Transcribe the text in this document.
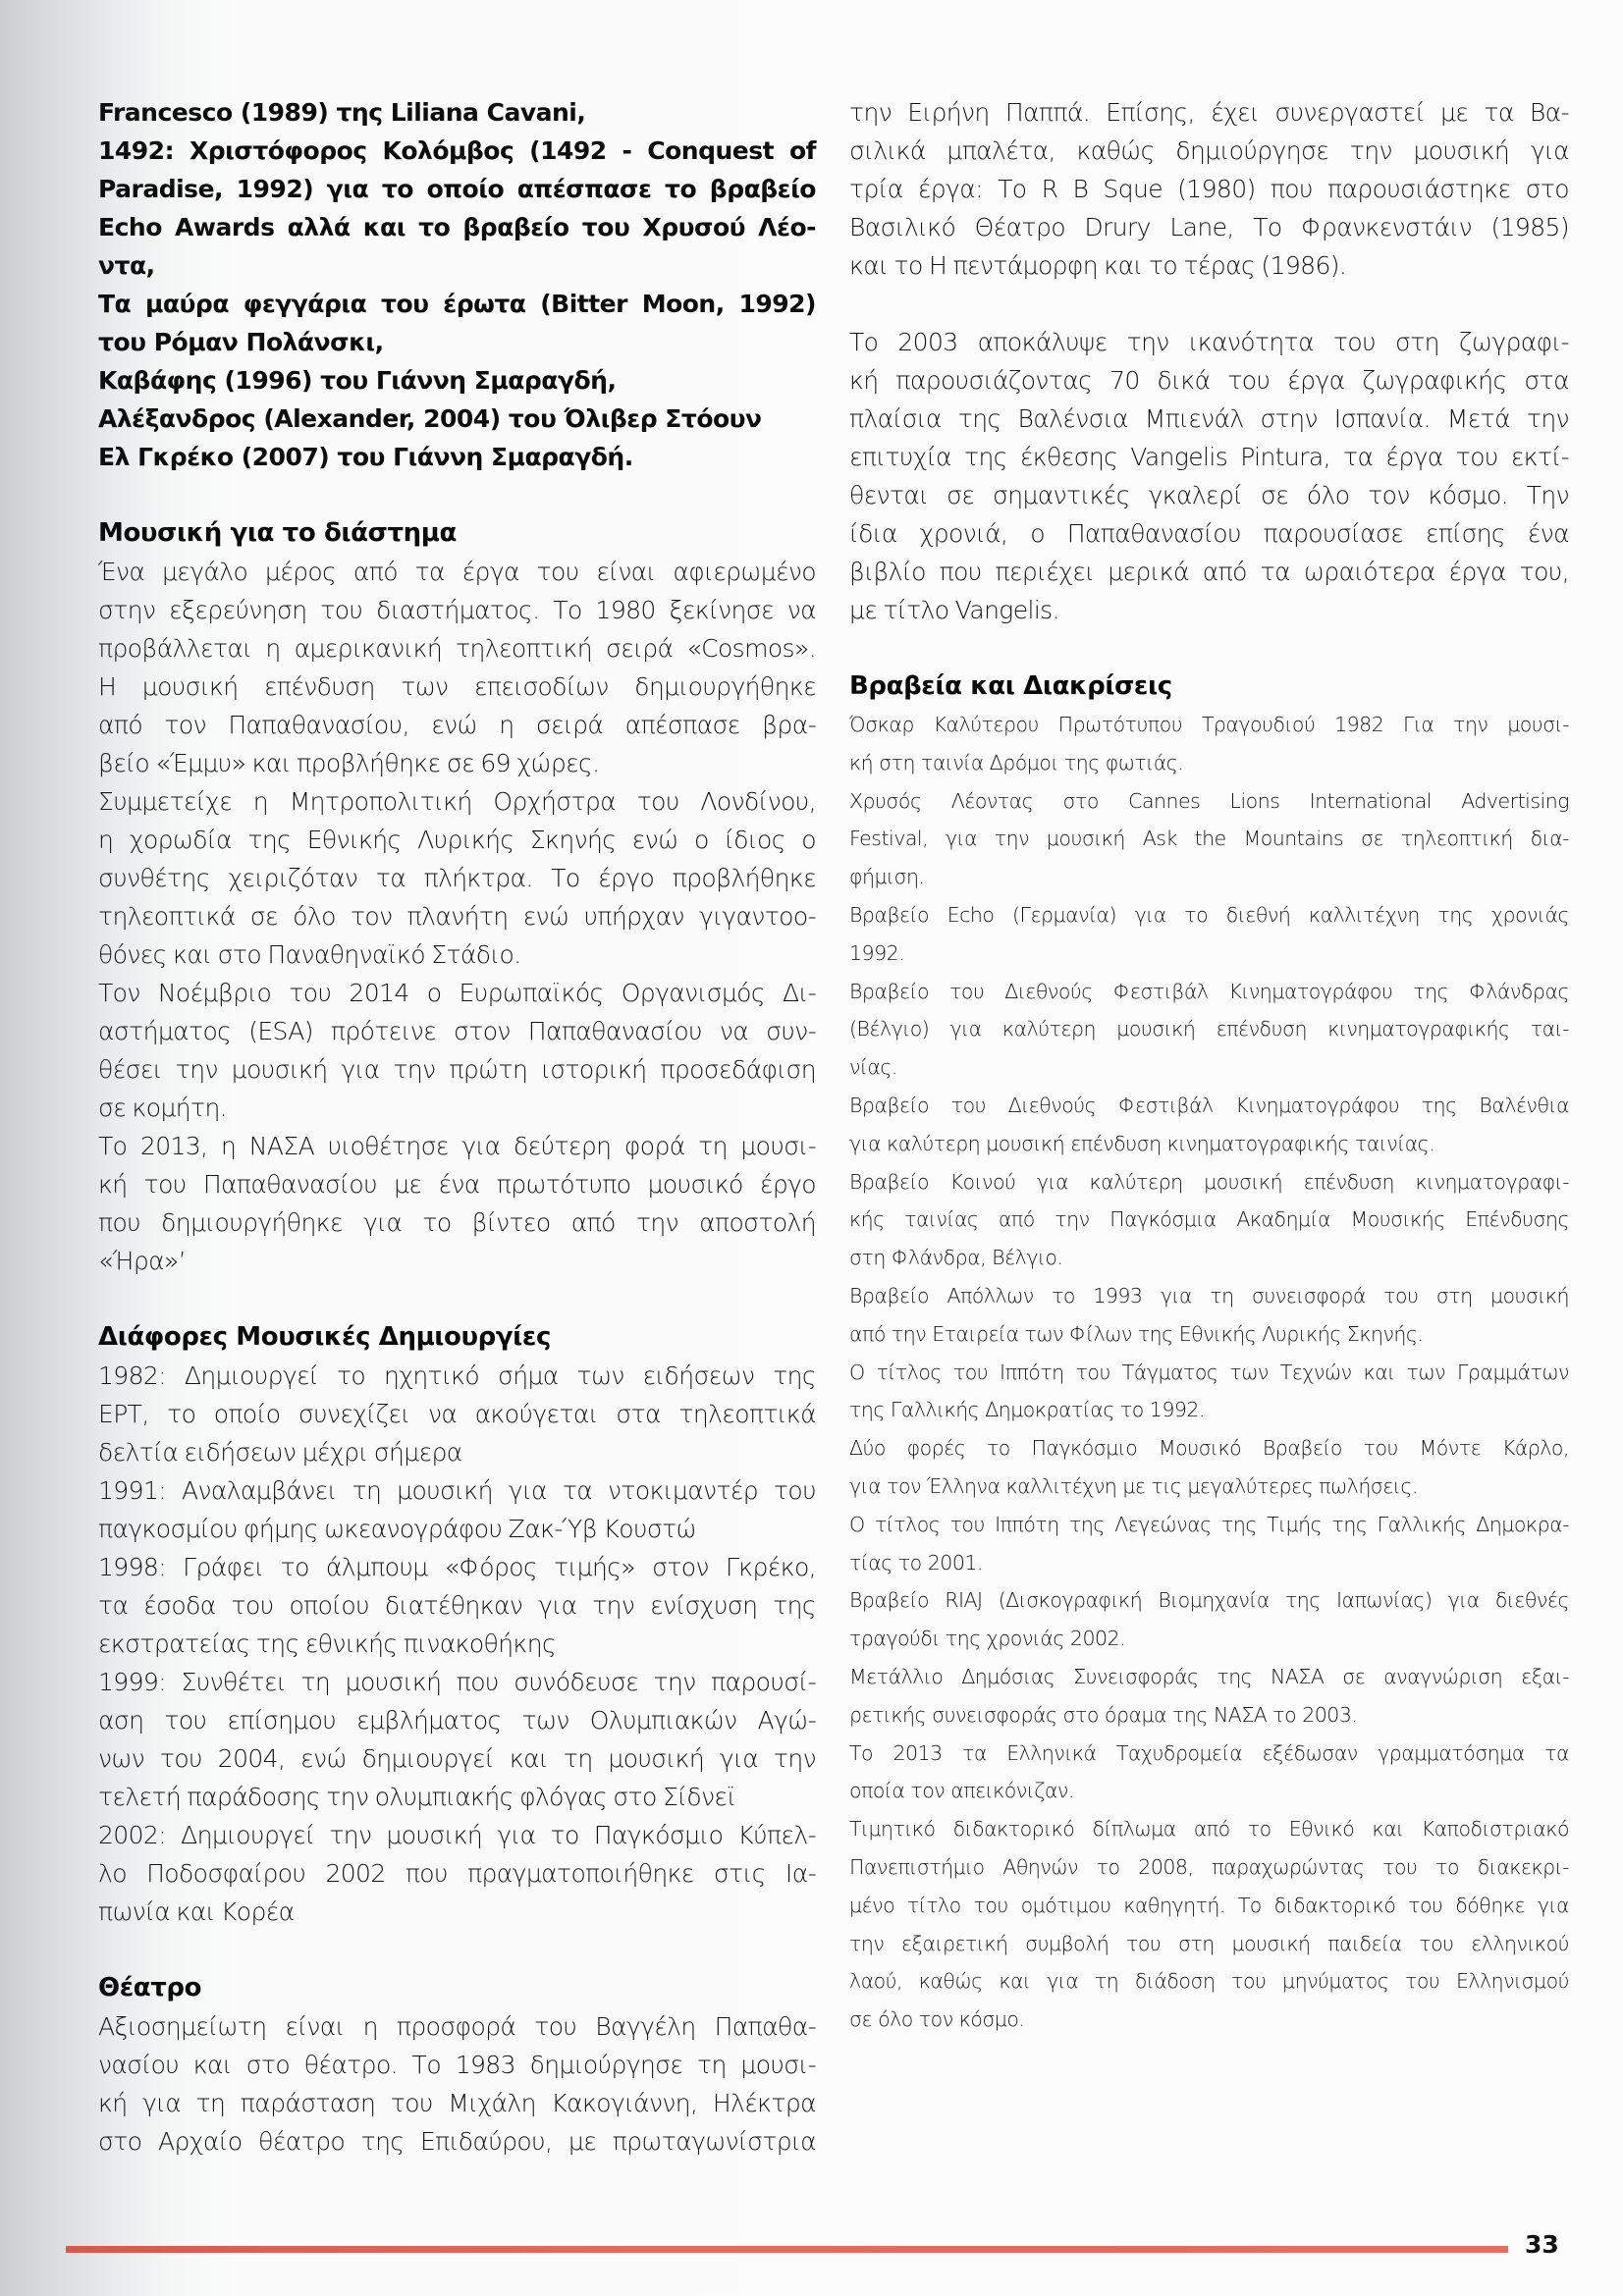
Francesco (1989) της Liliana Cavani,
1492: Χριστόφορος Κολόμβος (1492 - Conquest of
Paradise, 1992) για το οποίο απέσπασε το βραβείο
Echo Awards αλλά και το βραβείο του Χρυσού Λέο-
ντα,
Τα μαύρα φεγγάρια του έρωτα (Bitter Moon, 1992)
του Ρόμαν Πολάνσκι,
Καβάφης (1996) του Γιάννη Σμαραγδή,
Αλέξανδρος (Alexander, 2004) του Όλιβερ Στόουν
Ελ Γκρέκο (2007) του Γιάννη Σμαραγδή.
Μουσική για το διάστημα
Ένα μεγάλο μέρος από τα έργα του είναι αφιερωμένο
στην εξερεύνηση του διαστήματος. Το 1980 ξεκίνησε να
προβάλλεται η αμερικανική τηλεοπτική σειρά «Cosmos».
Η μουσική επένδυση των επεισοδίων δημιουργήθηκε
από τον Παπαθανασίου, ενώ η σειρά απέσπασε βρα-
βείο «Έμμυ» και προβλήθηκε σε 69 χώρες.
Συμμετείχε η Μητροπολιτική Ορχήστρα του Λονδίνου,
η χορωδία της Εθνικής Λυρικής Σκηνής ενώ ο ίδιος ο
συνθέτης χειριζόταν τα πλήκτρα. Το έργο προβλήθηκε
τηλεοπτικά σε όλο τον πλανήτη ενώ υπήρχαν γιγαντοο-
θόνες και στο Παναθηναϊκό Στάδιο.
Τον Νοέμβριο του 2014 ο Ευρωπαϊκός Οργανισμός Δι-
αστήματος (ESA) πρότεινε στον Παπαθανασίου να συν-
θέσει την μουσική για την πρώτη ιστορική προσεδάφιση
σε κομήτη.
Το 2013, η ΝΑΣΑ υιοθέτησε για δεύτερη φορά τη μουσι-
κή του Παπαθανασίου με ένα πρωτότυπο μουσικό έργο
που δημιουργήθηκε για το βίντεο από την αποστολή
«Ήρα»’
Διάφορες Μουσικές Δημιουργίες
1982: Δημιουργεί το ηχητικό σήμα των ειδήσεων της
ΕΡΤ, το οποίο συνεχίζει να ακούγεται στα τηλεοπτικά
δελτία ειδήσεων μέχρι σήμερα
1991: Αναλαμβάνει τη μουσική για τα ντοκιμαντέρ του
παγκοσμίου φήμης ωκεανογράφου Ζακ-Ύβ Κουστώ
1998: Γράφει το άλμπουμ «Φόρος τιμής» στον Γκρέκο,
τα έσοδα του οποίου διατέθηκαν για την ενίσχυση της
εκστρατείας της εθνικής πινακοθήκης
1999: Συνθέτει τη μουσική που συνόδευσε την παρουσί-
αση του επίσημου εμβλήματος των Ολυμπιακών Αγώ-
νων του 2004, ενώ δημιουργεί και τη μουσική για την
τελετή παράδοσης την ολυμπιακής φλόγας στο Σίδνεϊ
2002: Δημιουργεί την μουσική για το Παγκόσμιο Κύπελ-
λο Ποδοσφαίρου 2002 που πραγματοποιήθηκε στις Ια-
πωνία και Κορέα
Θέατρο
Αξιοσημείωτη είναι η προσφορά του Βαγγέλη Παπαθα-
νασίου και στο θέατρο. Το 1983 δημιούργησε τη μουσι-
κή για τη παράσταση του Μιχάλη Κακογιάννη, Ηλέκτρα
στο Αρχαίο θέατρο της Επιδαύρου, με πρωταγωνίστρια
την Ειρήνη Παππά. Επίσης, έχει συνεργαστεί με τα Βα-
σιλικά μπαλέτα, καθώς δημιούργησε την μουσική για
τρία έργα: Το R B Sque (1980) που παρουσιάστηκε στο
Βασιλικό Θέατρο Drury Lane, Το Φρανκενστάιν (1985)
και το Η πεντάμορφη και το τέρας (1986).
Το 2003 αποκάλυψε την ικανότητα του στη ζωγραφι-
κή παρουσιάζοντας 70 δικά του έργα ζωγραφικής στα
πλαίσια της Βαλένσια Μπιενάλ στην Ισπανία. Μετά την
επιτυχία της έκθεσης Vangelis Pintura, τα έργα του εκτί-
θενται σε σημαντικές γκαλερί σε όλο τον κόσμο. Την
ίδια χρονιά, ο Παπαθανασίου παρουσίασε επίσης ένα
βιβλίο που περιέχει μερικά από τα ωραιότερα έργα του,
με τίτλο Vangelis.
Βραβεία και Διακρίσεις
Όσκαρ Καλύτερου Πρωτότυπου Τραγουδιού 1982 Για την μουσι-
κή στη ταινία Δρόμοι της φωτιάς.
Χρυσός Λέοντας στο Cannes Lions International Advertising
Festival, για την μουσική Ask the Mountains σε τηλεοπτική δια-
φήμιση.
Βραβείο Echo (Γερμανία) για το διεθνή καλλιτέχνη της χρονιάς
1992.
Βραβείο του Διεθνούς Φεστιβάλ Κινηματογράφου της Φλάνδρας
(Βέλγιο) για καλύτερη μουσική επένδυση κινηματογραφικής ται-
νίας.
Βραβείο του Διεθνούς Φεστιβάλ Κινηματογράφου της Βαλένθια
για καλύτερη μουσική επένδυση κινηματογραφικής ταινίας.
Βραβείο Κοινού για καλύτερη μουσική επένδυση κινηματογραφι-
κής ταινίας από την Παγκόσμια Ακαδημία Μουσικής Επένδυσης
στη Φλάνδρα, Βέλγιο.
Βραβείο Απόλλων το 1993 για τη συνεισφορά του στη μουσική
από την Εταιρεία των Φίλων της Εθνικής Λυρικής Σκηνής.
Ο τίτλος του Ιππότη του Τάγματος των Τεχνών και των Γραμμάτων
της Γαλλικής Δημοκρατίας το 1992.
Δύο φορές το Παγκόσμιο Μουσικό Βραβείο του Μόντε Κάρλο,
για τον Έλληνα καλλιτέχνη με τις μεγαλύτερες πωλήσεις.
Ο τίτλος του Ιππότη της Λεγεώνας της Τιμής της Γαλλικής Δημοκρα-
τίας το 2001.
Βραβείο RIAJ (Δισκογραφική Βιομηχανία της Ιαπωνίας) για διεθνές
τραγούδι της χρονιάς 2002.
Μετάλλιο Δημόσιας Συνεισφοράς της ΝΑΣΑ σε αναγνώριση εξαι-
ρετικής συνεισφοράς στο όραμα της ΝΑΣΑ το 2003.
Το 2013 τα Ελληνικά Ταχυδρομεία εξέδωσαν γραμματόσημα τα
οποία τον απεικόνιζαν.
Τιμητικό διδακτορικό δίπλωμα από το Εθνικό και Καποδιστριακό
Πανεπιστήμιο Αθηνών το 2008, παραχωρώντας του το διακεκρι-
μένο τίτλο του ομότιμου καθηγητή. Το διδακτορικό του δόθηκε για
την εξαιρετική συμβολή του στη μουσική παιδεία του ελληνικού
λαού, καθώς και για τη διάδοση του μηνύματος του Ελληνισμού
σε όλο τον κόσμο.
33
